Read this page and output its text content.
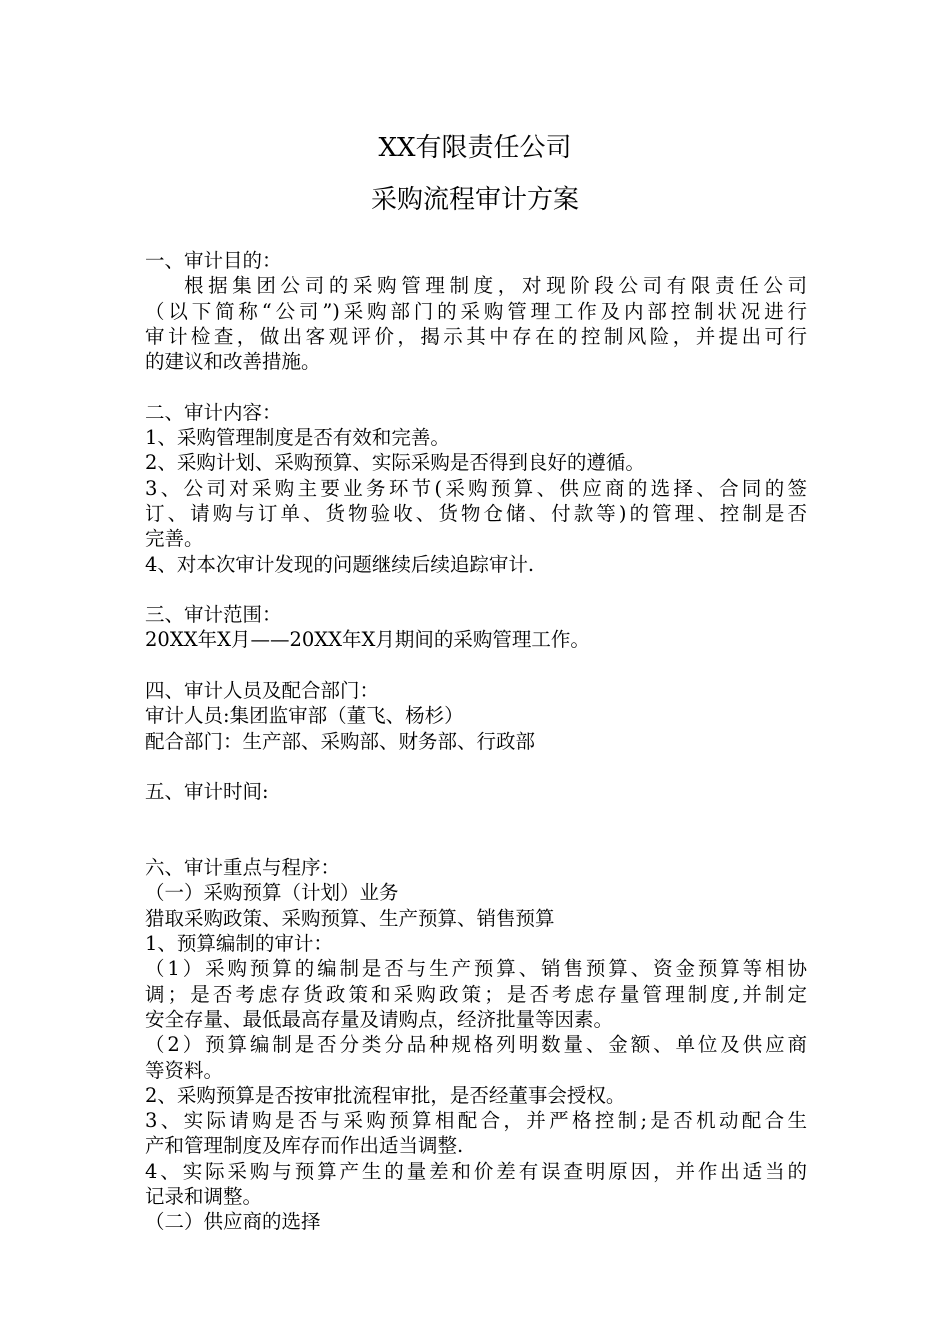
XX有限责任公司
采购流程审计方案
一、审计目的：
根据集团公司的采购管理制度，对现阶段公司有限责任公司
（以下简称“公司”)采购部门的采购管理工作及内部控制状况进行
审计检查，做出客观评价，揭示其中存在的控制风险，并提出可行
的建议和改善措施。
二、审计内容：
1、采购管理制度是否有效和完善。
2、采购计划、采购预算、实际采购是否得到良好的遵循。
3、公司对采购主要业务环节(采购预算、供应商的选择、合同的签
订、请购与订单、货物验收、货物仓储、付款等)的管理、控制是否
完善。
4、对本次审计发现的问题继续后续追踪审计.
三、审计范围：
20XX年X月——20XX年X月期间的采购管理工作。
四、审计人员及配合部门：
审计人员:集团监审部（董飞、杨杉）
配合部门：生产部、采购部、财务部、行政部
五、审计时间:
六、审计重点与程序：
（一）采购预算（计划）业务
猎取采购政策、采购预算、生产预算、销售预算
1、预算编制的审计：
（1）采购预算的编制是否与生产预算、销售预算、资金预算等相协
调；是否考虑存货政策和采购政策；是否考虑存量管理制度,并制定
安全存量、最低最高存量及请购点，经济批量等因素。
（2）预算编制是否分类分品种规格列明数量、金额、单位及供应商
等资料。
2、采购预算是否按审批流程审批，是否经董事会授权。
3、实际请购是否与采购预算相配合，并严格控制;是否机动配合生
产和管理制度及库存而作出适当调整.
4、实际采购与预算产生的量差和价差有误查明原因，并作出适当的
记录和调整。
（二）供应商的选择
